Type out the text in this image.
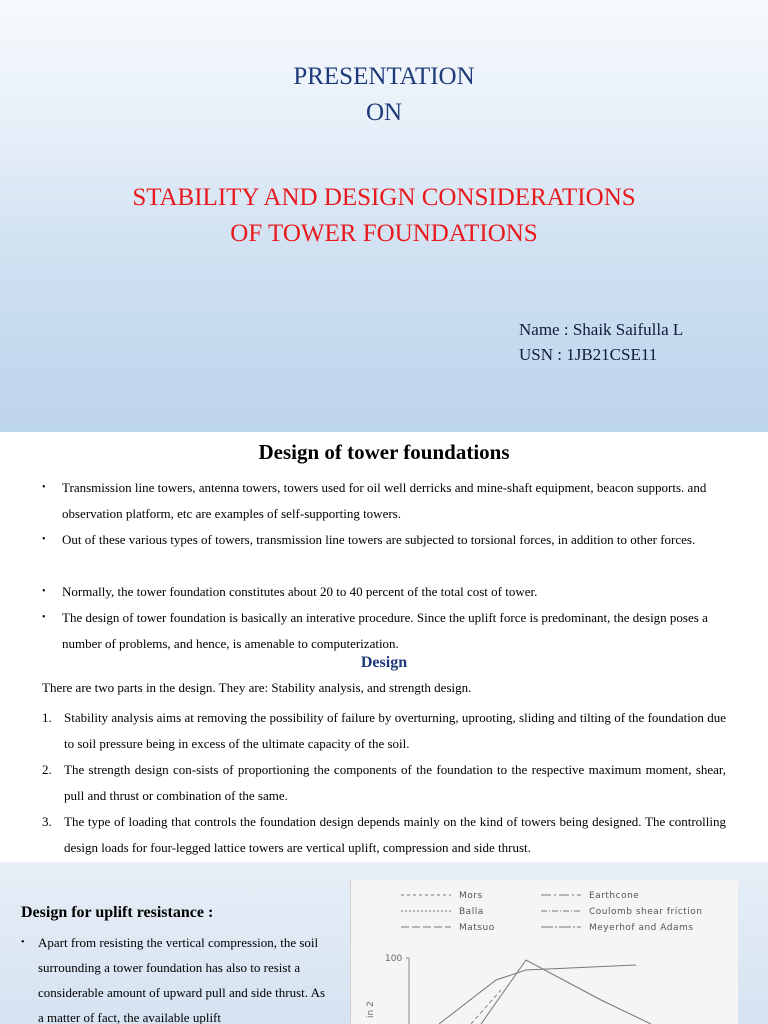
PRESENTATION
ON
STABILITY AND DESIGN CONSIDERATIONS
OF TOWER FOUNDATIONS
Name : Shaik Saifulla L
USN : 1JB21CSE11
Design of tower foundations
•	Transmission line towers, antenna towers, towers used for oil well derricks and mine-shaft equipment, beacon supports. and observation platform, etc are examples of self-supporting towers.
•	Out of these various types of towers, transmission line towers are subjected to torsional forces, in addition to other forces.
•	Normally, the tower foundation constitutes about 20 to 40 percent of the total cost of tower.
•	The design of tower foundation is basically an interative procedure. Since the uplift force is predominant, the design poses a number of problems, and hence, is amenable to computerization.
Design
There are two parts in the design. They are: Stability analysis, and strength design.
1. Stability analysis aims at removing the possibility of failure by overturning, uprooting, sliding and tilting of the foundation due to soil pressure being in excess of the ultimate capacity of the soil.
2. The strength design con-sists of proportioning the components of the foundation to the respective maximum moment, shear, pull and thrust or combination of the same.
3. The type of loading that controls the foundation design depends mainly on the kind of towers being designed. The controlling design loads for four-legged lattice towers are vertical uplift, compression and side thrust.
Design for uplift resistance :
•	Apart from resisting the vertical compression, the soil surrounding a tower foundation has also to resist a considerable amount of upward pull and side thrust. As a matter of fact, the available uplift
Mors
Balla
Matsuo
Earthcone
Coulomb shear friction
Meyerhof and Adams
100
in 2
